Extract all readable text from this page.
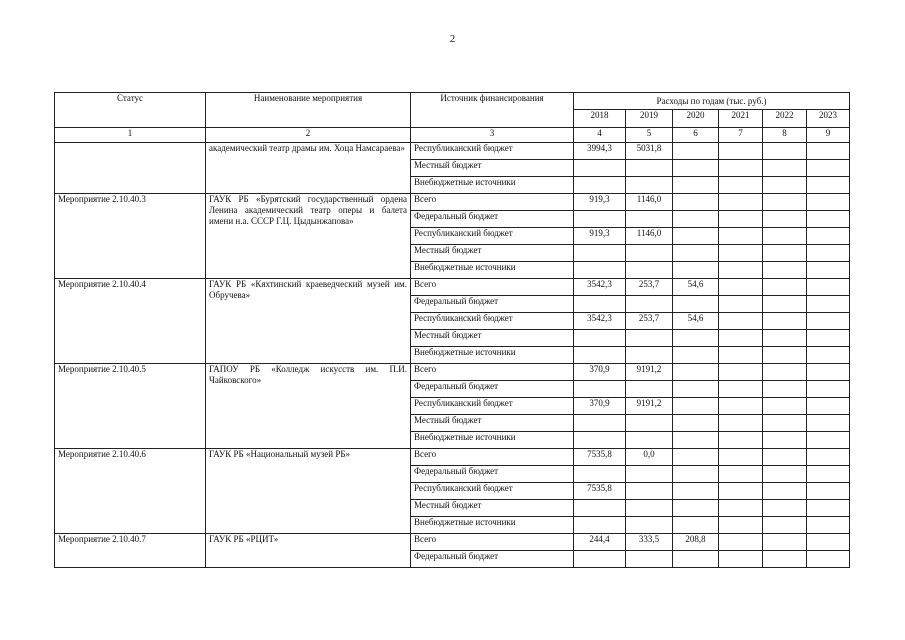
2
Статус	Наименование мероприятия	Источник финансирования	Расходы по годам (тыс. руб.)					
			2018	2019	2020	2021	2022	2023
1	2	3	4	5	6	7	8	9
	академический театр драмы им. Хоца Намсараева»	Республиканский бюджет	3994,3	5031,8				
		Местный бюджет						
		Внебюджетные источники						
Мероприятие 2.10.40.3	ГАУК РБ «Бурятский государственный ордена Ленина академический театр оперы и балета имени н.а. СССР Г.Ц. Цыдынжапова»	Всего	919,3	1146,0				
		Федеральный бюджет						
		Республиканский бюджет	919,3	1146,0				
		Местный бюджет						
		Внебюджетные источники						
Мероприятие 2.10.40.4	ГАУК РБ «Кяхтинский краеведческий музей им. Обручева»	Всего	3542,3	253,7	54,6			
		Федеральный бюджет						
		Республиканский бюджет	3542,3	253,7	54,6			
		Местный бюджет						
		Внебюджетные источники						
Мероприятие 2.10.40.5	ГАПОУ РБ «Колледж искусств им. П.И. Чайковского»	Всего	370,9	9191,2				
		Федеральный бюджет						
		Республиканский бюджет	370,9	9191,2				
		Местный бюджет						
		Внебюджетные источники						
Мероприятие 2.10.40.6	ГАУК РБ «Национальный музей РБ»	Всего	7535,8	0,0				
		Федеральный бюджет						
		Республиканский бюджет	7535,8					
		Местный бюджет						
		Внебюджетные источники						
Мероприятие 2.10.40.7	ГАУК РБ «РЦИТ»	Всего	244,4	333,5	208,8			
		Федеральный бюджет						
